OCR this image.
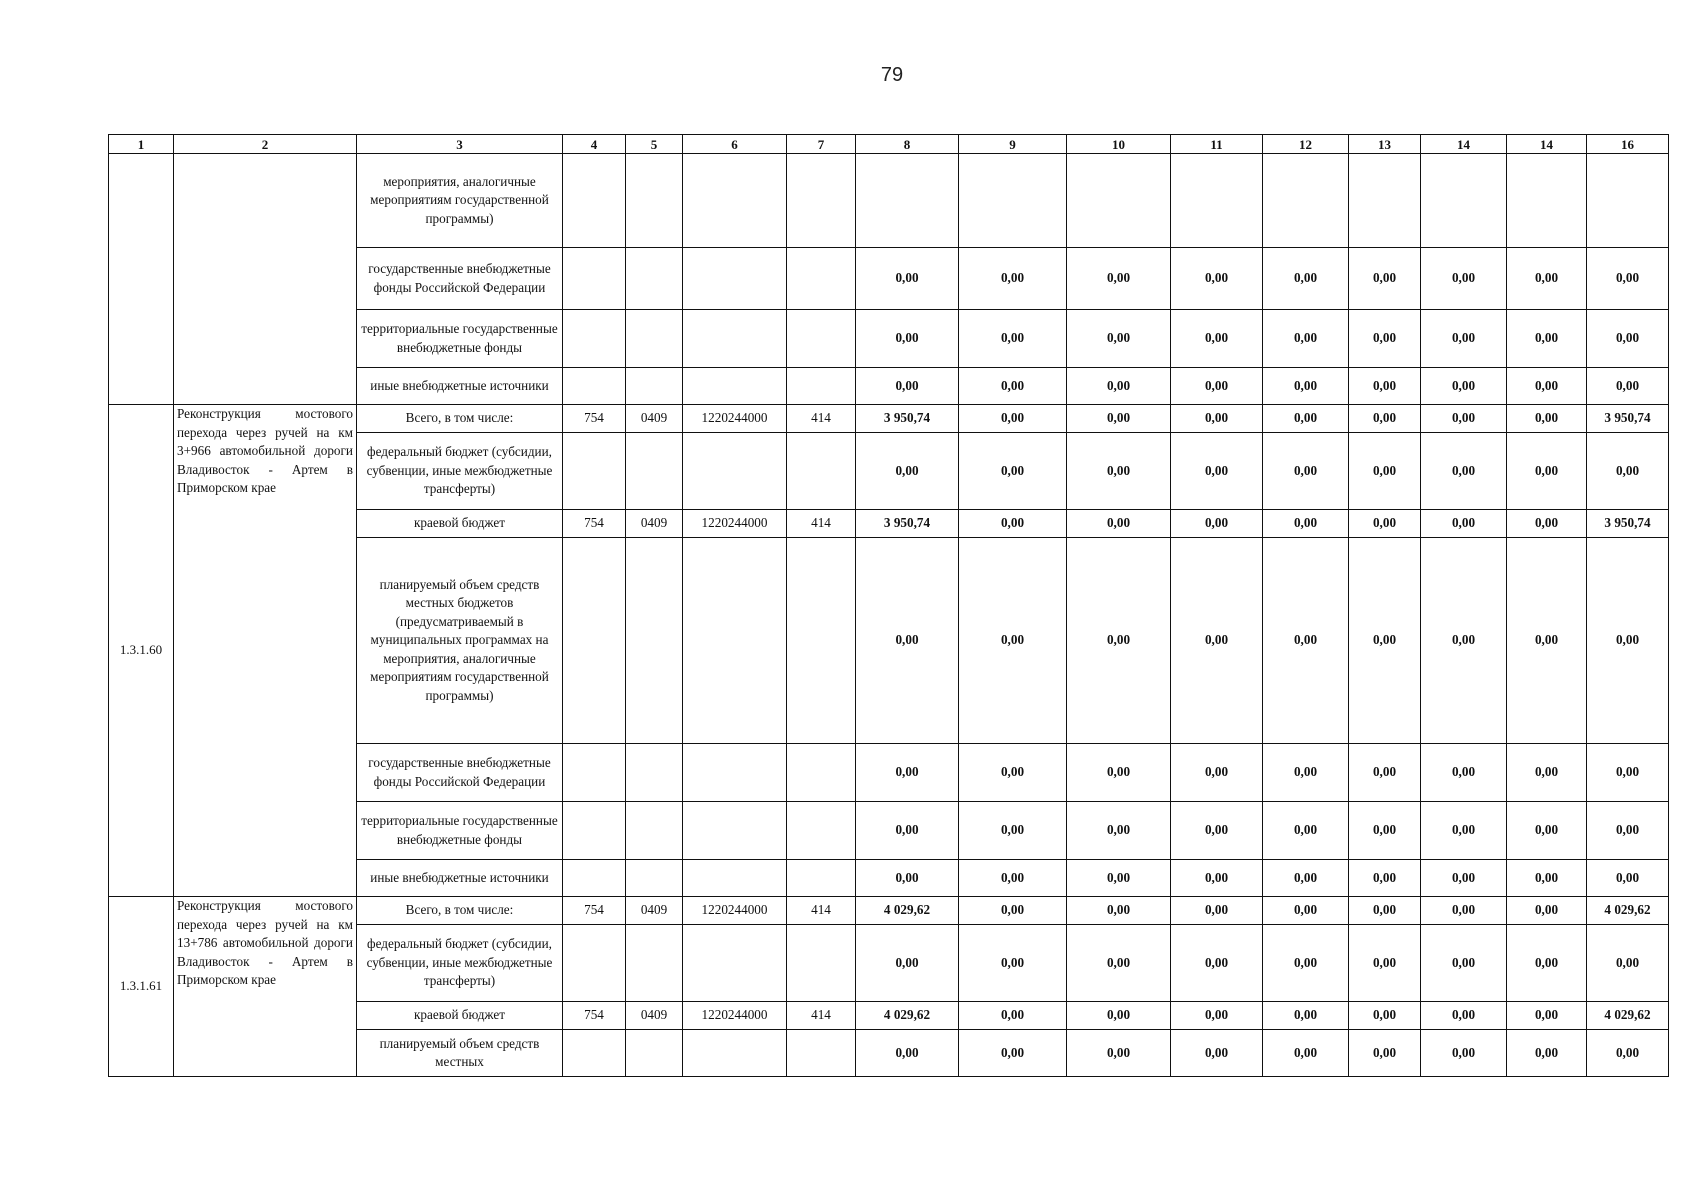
79
1	2	3	4	5	6	7	8	9	10	11	12	13	14	14	16
		мероприятия, аналогичные мероприятиям государственной программы)													
		государственные внебюджетные фонды Российской Федерации					0,00	0,00	0,00	0,00	0,00	0,00	0,00	0,00	0,00
		территориальные государственные внебюджетные фонды					0,00	0,00	0,00	0,00	0,00	0,00	0,00	0,00	0,00
		иные внебюджетные источники					0,00	0,00	0,00	0,00	0,00	0,00	0,00	0,00	0,00
1.3.1.60	Реконструкция мостового перехода через ручей на км 3+966 автомобильной дороги Владивосток - Артем в Приморском крае	Всего, в том числе:	754	0409	1220244000	414	3 950,74	0,00	0,00	0,00	0,00	0,00	0,00	0,00	3 950,74
		федеральный бюджет (субсидии, субвенции, иные межбюджетные трансферты)					0,00	0,00	0,00	0,00	0,00	0,00	0,00	0,00	0,00
		краевой бюджет	754	0409	1220244000	414	3 950,74	0,00	0,00	0,00	0,00	0,00	0,00	0,00	3 950,74
		планируемый объем средств местных бюджетов (предусматриваемый в муниципальных программах на мероприятия, аналогичные мероприятиям государственной программы)					0,00	0,00	0,00	0,00	0,00	0,00	0,00	0,00	0,00
		государственные внебюджетные фонды Российской Федерации					0,00	0,00	0,00	0,00	0,00	0,00	0,00	0,00	0,00
		территориальные государственные внебюджетные фонды					0,00	0,00	0,00	0,00	0,00	0,00	0,00	0,00	0,00
		иные внебюджетные источники					0,00	0,00	0,00	0,00	0,00	0,00	0,00	0,00	0,00
1.3.1.61	Реконструкция мостового перехода через ручей на км 13+786 автомобильной дороги Владивосток - Артем в Приморском крае	Всего, в том числе:	754	0409	1220244000	414	4 029,62	0,00	0,00	0,00	0,00	0,00	0,00	0,00	4 029,62
		федеральный бюджет (субсидии, субвенции, иные межбюджетные трансферты)					0,00	0,00	0,00	0,00	0,00	0,00	0,00	0,00	0,00
		краевой бюджет	754	0409	1220244000	414	4 029,62	0,00	0,00	0,00	0,00	0,00	0,00	0,00	4 029,62
		планируемый объем средств местных					0,00	0,00	0,00	0,00	0,00	0,00	0,00	0,00	0,00
